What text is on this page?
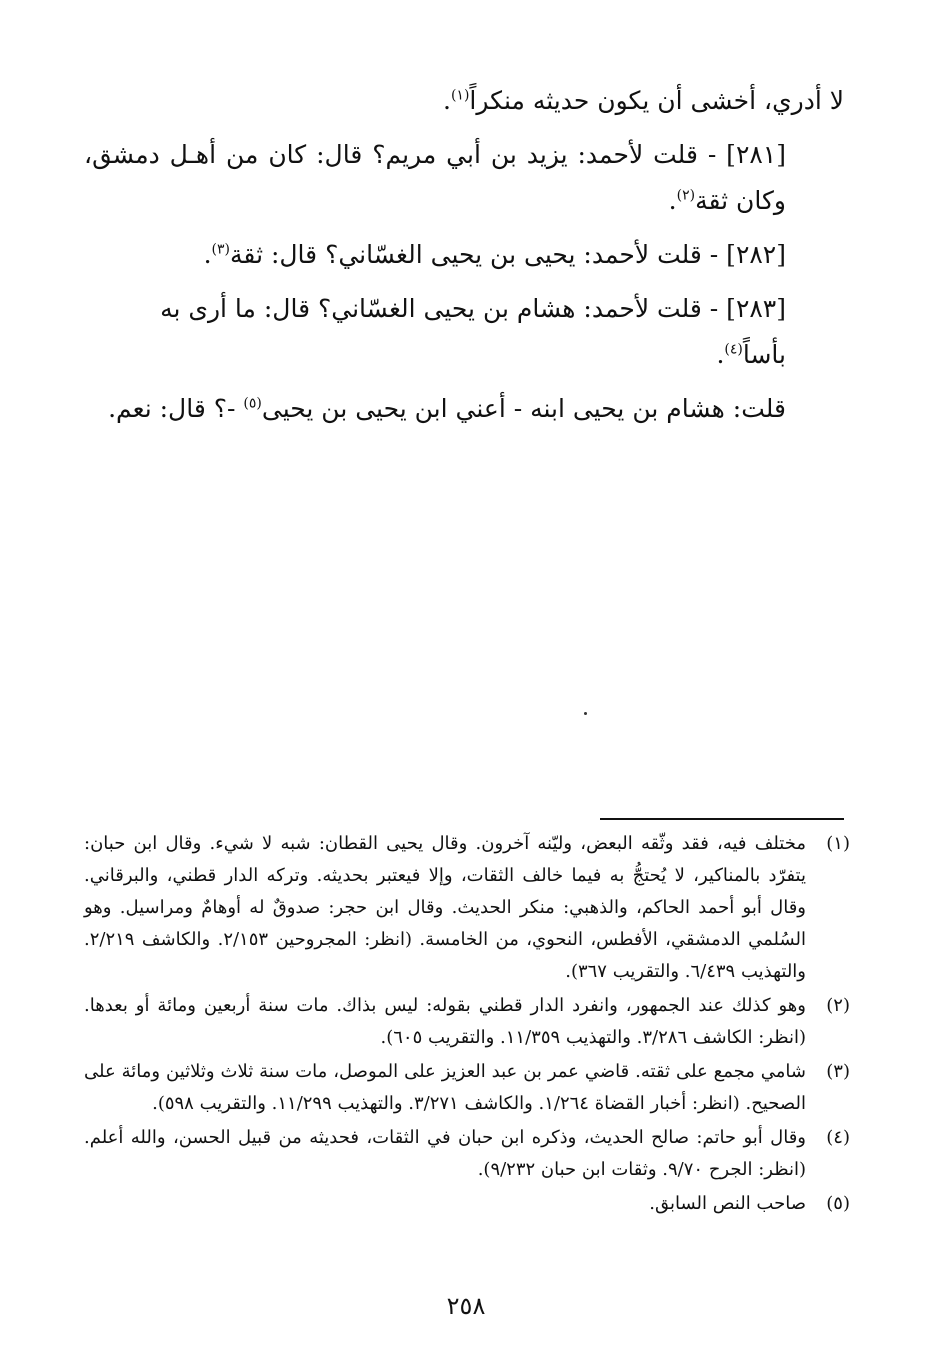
لا أدري، أخشى أن يكون حديثه منكراً$^{(١)}$.

[٢٨١] - قلت لأحمد: يزيد بن أبي مريم؟ قال: كان من أهـل دمشق، وكان ثقة$^{(٢)}$.

[٢٨٢] - قلت لأحمد: يحيى بن يحيى الغسّاني؟ قال: ثقة$^{(٣)}$.

[٢٨٣] - قلت لأحمد: هشام بن يحيى الغسّاني؟ قال: ما أرى به بأساً$^{(٤)}$.

قلت: هشام بن يحيى ابنه - أعني ابن يحيى بن يحيى$^{(٥)}$ -؟ قال: نعم.

(١)
مختلف فيه، فقد وثّقه البعض، وليّنه آخرون. وقال يحيى القطان: شبه لا شيء. وقال ابن حبان: يتفرّد بالمناكير، لا يُحتجُّ به فيما خالف الثقات، وإلا فيعتبر بحديثه. وتركه الدار قطني، والبرقاني. وقال أبو أحمد الحاكم، والذهبي: منكر الحديث. وقال ابن حجر: صدوقٌ له أوهامٌ ومراسيل. وهو السُلمي الدمشقي، الأفطس، النحوي، من الخامسة. (انظر: المجروحين ٢/١٥٣. والكاشف ٢/٢١٩. والتهذيب ٦/٤٣٩. والتقريب ٣٦٧).

(٢)
وهو كذلك عند الجمهور، وانفرد الدار قطني بقوله: ليس بذاك. مات سنة أربعين ومائة أو بعدها. (انظر: الكاشف ٣/٢٨٦. والتهذيب ١١/٣٥٩. والتقريب ٦٠٥).

(٣)
شامي مجمع على ثقته. قاضي عمر بن عبد العزيز على الموصل، مات سنة ثلاث وثلاثين ومائة على الصحيح. (انظر: أخبار القضاة ١/٢٦٤. والكاشف ٣/٢٧١. والتهذيب ١١/٢٩٩. والتقريب ٥٩٨).

(٤)
وقال أبو حاتم: صالح الحديث، وذكره ابن حبان في الثقات، فحديثه من قبيل الحسن، والله أعلم. (انظر: الجرح ٩/٧٠. وثقات ابن حبان ٩/٢٣٢).

(٥)
صاحب النص السابق.

٢٥٨
